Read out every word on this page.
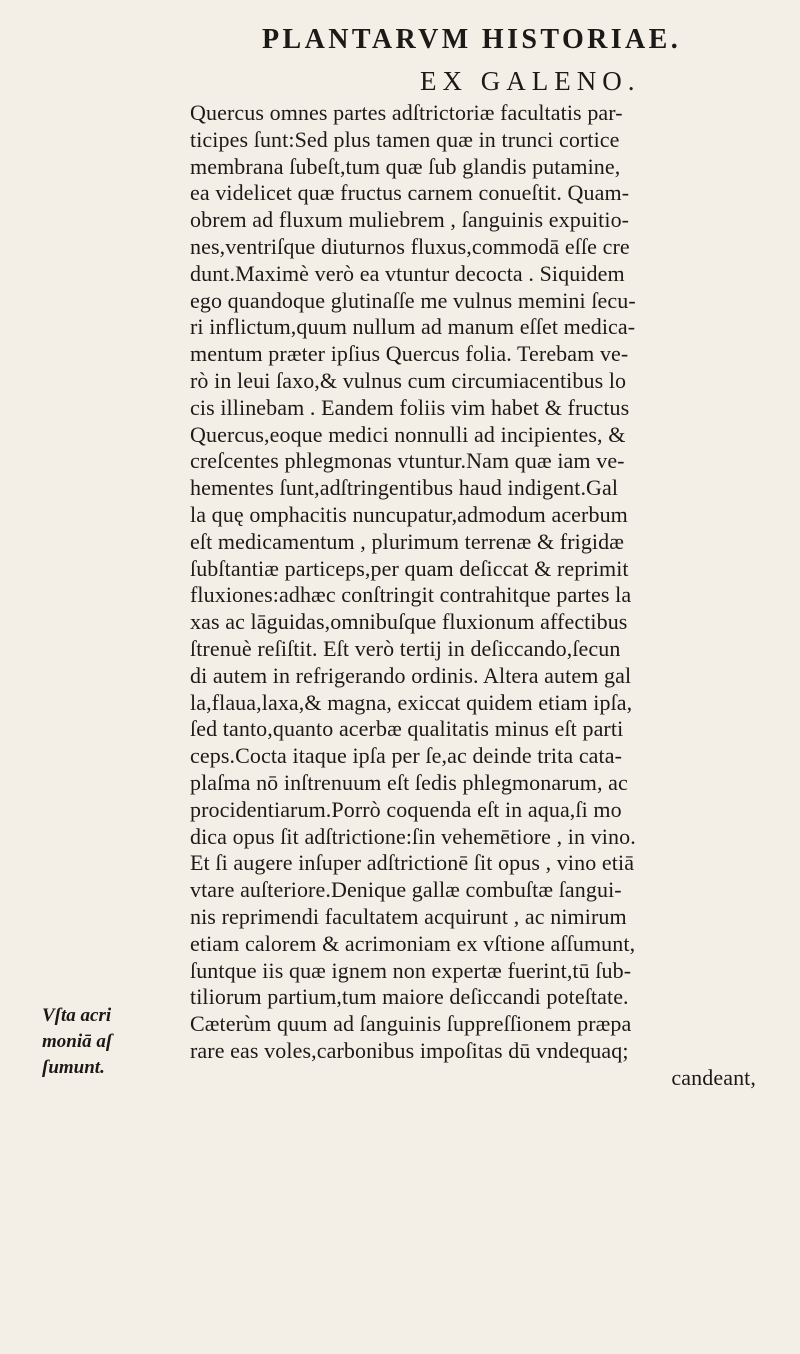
PLANTARVM HISTORIAE.
EX GALENO.
Quercus omnes partes adſtrictoriæ facultatis par-
ticipes ſunt:Sed plus tamen quæ in trunci cortice
membrana ſubeſt,tum quæ ſub glandis putamine,
ea videlicet quæ fructus carnem conueſtit. Quam-
obrem ad fluxum muliebrem , ſanguinis expuitio-
nes,ventriſque diuturnos fluxus,commodā eſſe cre
dunt.Maximè verò ea vtuntur decocta . Siquidem
ego quandoque glutinaſſe me vulnus memini ſecu-
ri inflictum,quum nullum ad manum eſſet medica-
mentum præter ipſius Quercus folia. Terebam ve-
rò in leui ſaxo,& vulnus cum circumiacentibus lo
cis illinebam . Eandem foliis vim habet & fructus
Quercus,eoque medici nonnulli ad incipientes, &
creſcentes phlegmonas vtuntur.Nam quæ iam ve-
hementes ſunt,adſtringentibus haud indigent.Gal
la quę omphacitis nuncupatur,admodum acerbum
eſt medicamentum , plurimum terrenæ & frigidæ
ſubſtantiæ particeps,per quam deſiccat & reprimit
fluxiones:adhæc conſtringit contrahitque partes la
xas ac lāguidas,omnibuſque fluxionum affectibus
ſtrenuè reſiſtit. Eſt verò tertij in deſiccando,ſecun
di autem in refrigerando ordinis. Altera autem gal
la,flaua,laxa,& magna, exiccat quidem etiam ipſa,
ſed tanto,quanto acerbæ qualitatis minus eſt parti
ceps.Cocta itaque ipſa per ſe,ac deinde trita cata-
plaſma nō inſtrenuum eſt ſedis phlegmonarum, ac
procidentiarum.Porrò coquenda eſt in aqua,ſi mo
dica opus ſit adſtrictione:ſin vehemētiore , in vino.
Et ſi augere inſuper adſtrictionē ſit opus , vino etiā
vtare auſteriore.Denique gallæ combuſtæ ſangui-
nis reprimendi facultatem acquirunt , ac nimirum
etiam calorem & acrimoniam ex vſtione aſſumunt,
ſuntque iis quæ ignem non expertæ fuerint,tū ſub-
tiliorum partium,tum maiore deſiccandi poteſtate.
Cæterùm quum ad ſanguinis ſuppreſſionem præpa
rare eas voles,carbonibus impoſitas dū vndequaq;
candeant,
Vſta acri
moniā aſ
ſumunt.
